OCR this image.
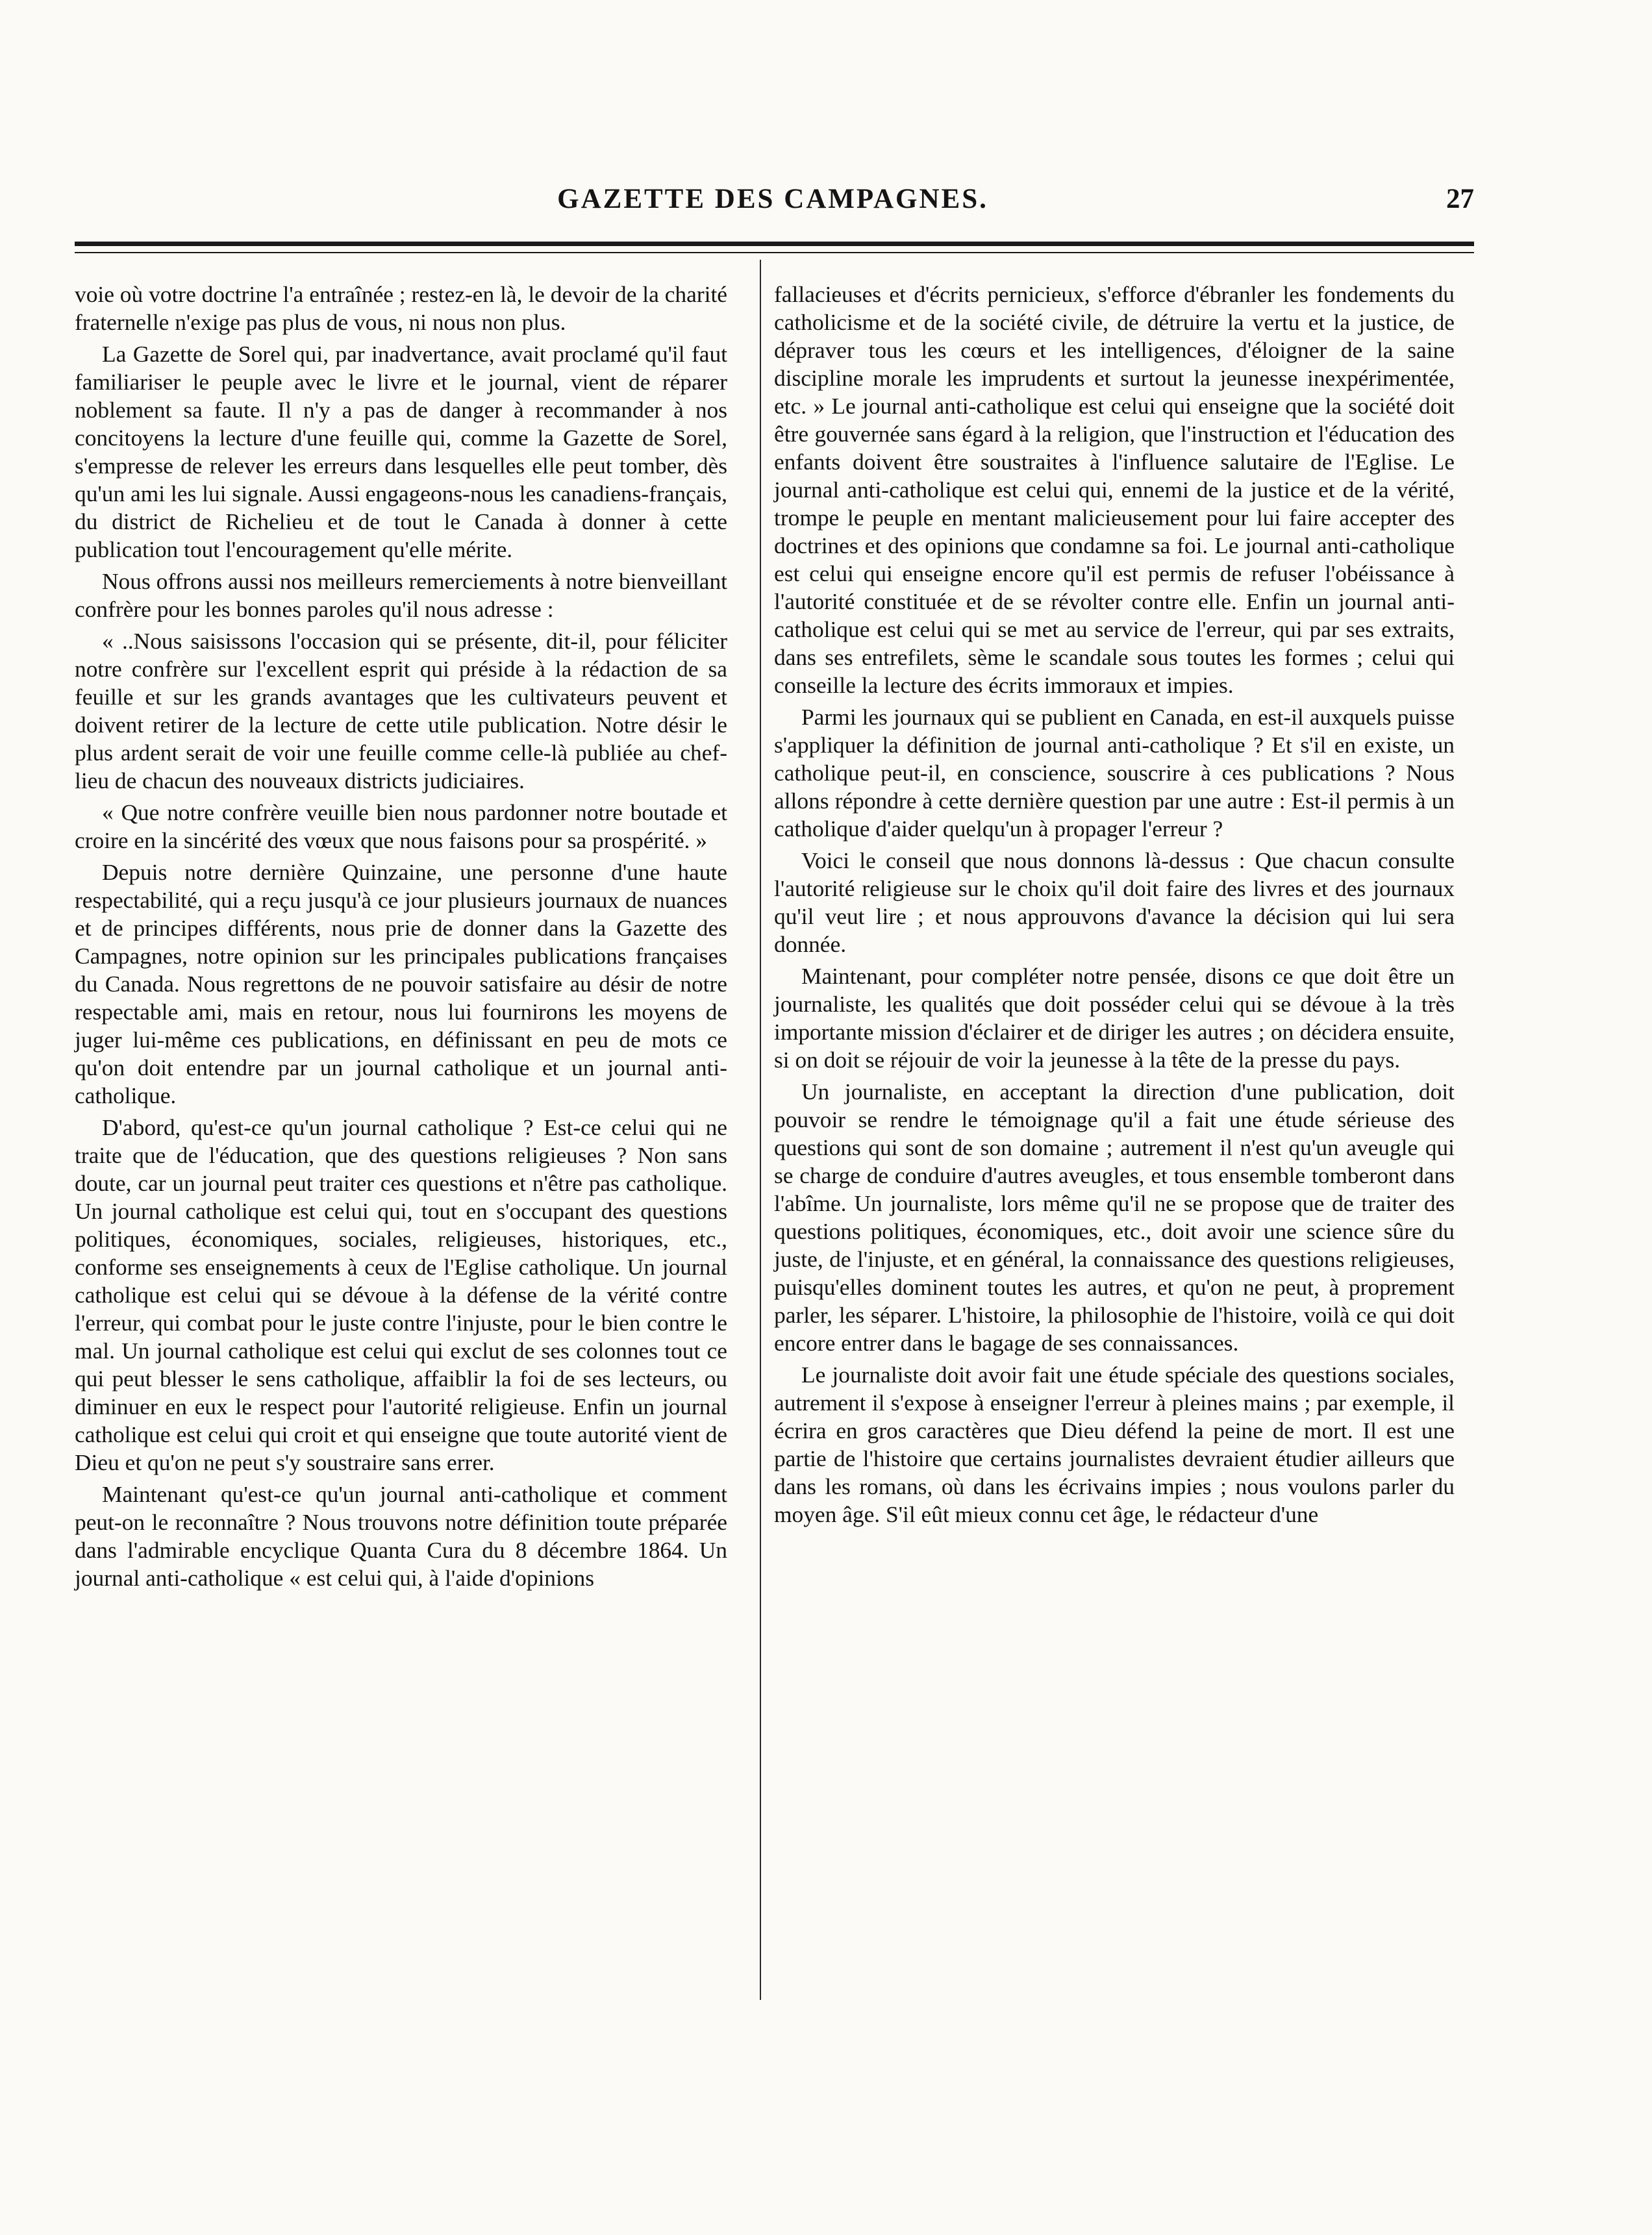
GAZETTE DES CAMPAGNES.	27

voie où votre doctrine l'a entraînée ; restez-en là, le devoir de la charité fraternelle n'exige pas plus de vous, ni nous non plus.

La Gazette de Sorel qui, par inadvertance, avait proclamé qu'il faut familiariser le peuple avec le livre et le journal, vient de réparer noblement sa faute. Il n'y a pas de danger à recommander à nos concitoyens la lecture d'une feuille qui, comme la Gazette de Sorel, s'empresse de relever les erreurs dans lesquelles elle peut tomber, dès qu'un ami les lui signale. Aussi engageons-nous les canadiens-français, du district de Richelieu et de tout le Canada à donner à cette publication tout l'encouragement qu'elle mérite.

Nous offrons aussi nos meilleurs remerciements à notre bienveillant confrère pour les bonnes paroles qu'il nous adresse :

« ..Nous saisissons l'occasion qui se présente, dit-il, pour féliciter notre confrère sur l'excellent esprit qui préside à la rédaction de sa feuille et sur les grands avantages que les cultivateurs peuvent et doivent retirer de la lecture de cette utile publication. Notre désir le plus ardent serait de voir une feuille comme celle-là publiée au chef-lieu de chacun des nouveaux districts judiciaires.

« Que notre confrère veuille bien nous pardonner notre boutade et croire en la sincérité des vœux que nous faisons pour sa prospérité. »

Depuis notre dernière Quinzaine, une personne d'une haute respectabilité, qui a reçu jusqu'à ce jour plusieurs journaux de nuances et de principes différents, nous prie de donner dans la Gazette des Campagnes, notre opinion sur les principales publications françaises du Canada. Nous regrettons de ne pouvoir satisfaire au désir de notre respectable ami, mais en retour, nous lui fournirons les moyens de juger lui-même ces publications, en définissant en peu de mots ce qu'on doit entendre par un journal catholique et un journal anti-catholique.

D'abord, qu'est-ce qu'un journal catholique ? Est-ce celui qui ne traite que de l'éducation, que des questions religieuses ? Non sans doute, car un journal peut traiter ces questions et n'être pas catholique. Un journal catholique est celui qui, tout en s'occupant des questions politiques, économiques, sociales, religieuses, historiques, etc., conforme ses enseignements à ceux de l'Eglise catholique. Un journal catholique est celui qui se dévoue à la défense de la vérité contre l'erreur, qui combat pour le juste contre l'injuste, pour le bien contre le mal. Un journal catholique est celui qui exclut de ses colonnes tout ce qui peut blesser le sens catholique, affaiblir la foi de ses lecteurs, ou diminuer en eux le respect pour l'autorité religieuse. Enfin un journal catholique est celui qui croit et qui enseigne que toute autorité vient de Dieu et qu'on ne peut s'y soustraire sans errer.

Maintenant qu'est-ce qu'un journal anti-catholique et comment peut-on le reconnaître ? Nous trouvons notre définition toute préparée dans l'admirable encyclique Quanta Cura du 8 décembre 1864. Un journal anti-catholique « est celui qui, à l'aide d'opinions

fallacieuses et d'écrits pernicieux, s'efforce d'ébranler les fondements du catholicisme et de la société civile, de détruire la vertu et la justice, de dépraver tous les cœurs et les intelligences, d'éloigner de la saine discipline morale les imprudents et surtout la jeunesse inexpérimentée, etc. » Le journal anti-catholique est celui qui enseigne que la société doit être gouvernée sans égard à la religion, que l'instruction et l'éducation des enfants doivent être soustraites à l'influence salutaire de l'Eglise. Le journal anti-catholique est celui qui, ennemi de la justice et de la vérité, trompe le peuple en mentant malicieusement pour lui faire accepter des doctrines et des opinions que condamne sa foi. Le journal anti-catholique est celui qui enseigne encore qu'il est permis de refuser l'obéissance à l'autorité constituée et de se révolter contre elle. Enfin un journal anti-catholique est celui qui se met au service de l'erreur, qui par ses extraits, dans ses entrefilets, sème le scandale sous toutes les formes ; celui qui conseille la lecture des écrits immoraux et impies.

Parmi les journaux qui se publient en Canada, en est-il auxquels puisse s'appliquer la définition de journal anti-catholique ? Et s'il en existe, un catholique peut-il, en conscience, souscrire à ces publications ? Nous allons répondre à cette dernière question par une autre : Est-il permis à un catholique d'aider quelqu'un à propager l'erreur ?

Voici le conseil que nous donnons là-dessus : Que chacun consulte l'autorité religieuse sur le choix qu'il doit faire des livres et des journaux qu'il veut lire ; et nous approuvons d'avance la décision qui lui sera donnée.

Maintenant, pour compléter notre pensée, disons ce que doit être un journaliste, les qualités que doit posséder celui qui se dévoue à la très importante mission d'éclairer et de diriger les autres ; on décidera ensuite, si on doit se réjouir de voir la jeunesse à la tête de la presse du pays.

Un journaliste, en acceptant la direction d'une publication, doit pouvoir se rendre le témoignage qu'il a fait une étude sérieuse des questions qui sont de son domaine ; autrement il n'est qu'un aveugle qui se charge de conduire d'autres aveugles, et tous ensemble tomberont dans l'abîme. Un journaliste, lors même qu'il ne se propose que de traiter des questions politiques, économiques, etc., doit avoir une science sûre du juste, de l'injuste, et en général, la connaissance des questions religieuses, puisqu'elles dominent toutes les autres, et qu'on ne peut, à proprement parler, les séparer. L'histoire, la philosophie de l'histoire, voilà ce qui doit encore entrer dans le bagage de ses connaissances.

Le journaliste doit avoir fait une étude spéciale des questions sociales, autrement il s'expose à enseigner l'erreur à pleines mains ; par exemple, il écrira en gros caractères que Dieu défend la peine de mort. Il est une partie de l'histoire que certains journalistes devraient étudier ailleurs que dans les romans, où dans les écrivains impies ; nous voulons parler du moyen âge. S'il eût mieux connu cet âge, le rédacteur d'une
